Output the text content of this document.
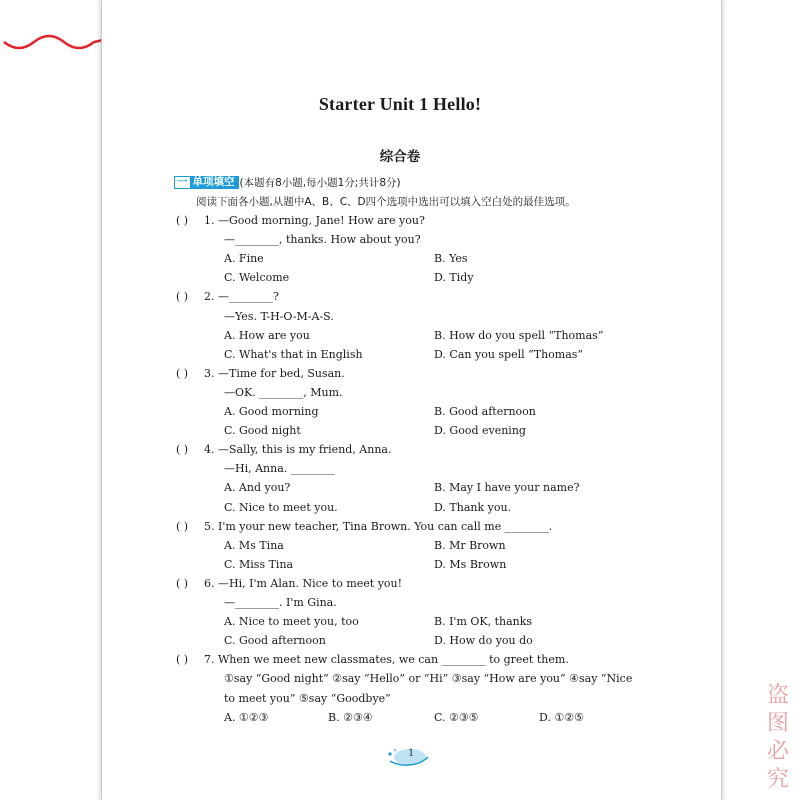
Starter Unit 1 Hello!
综合卷
一 单项填空 (本题有8小题,每小题1分;共计8分)
阅读下面各小题,从题中A、B、C、D四个选项中选出可以填入空白处的最佳选项。
( ) 1. —Good morning, Jane! How are you?
—________, thanks. How about you?
A. Fine	B. Yes
C. Welcome	D. Tidy
( ) 2. —________?
—Yes. T-H-O-M-A-S.
A. How are you	B. How do you spell “Thomas”
C. What's that in English	D. Can you spell “Thomas”
( ) 3. —Time for bed, Susan.
—OK. ________, Mum.
A. Good morning	B. Good afternoon
C. Good night	D. Good evening
( ) 4. —Sally, this is my friend, Anna.
—Hi, Anna. ________
A. And you?	B. May I have your name?
C. Nice to meet you.	D. Thank you.
( ) 5. I'm your new teacher, Tina Brown. You can call me ________.
A. Ms Tina	B. Mr Brown
C. Miss Tina	D. Ms Brown
( ) 6. —Hi, I'm Alan. Nice to meet you!
—________. I'm Gina.
A. Nice to meet you, too	B. I'm OK, thanks
C. Good afternoon	D. How do you do
( ) 7. When we meet new classmates, we can ________ to greet them.
①say “Good night” ②say “Hello” or “Hi” ③say “How are you” ④say “Nice
to meet you” ⑤say “Goodbye”
A. ①②③	B. ②③④	C. ②③⑤	D. ①②⑤
1
盗
图
必
究
